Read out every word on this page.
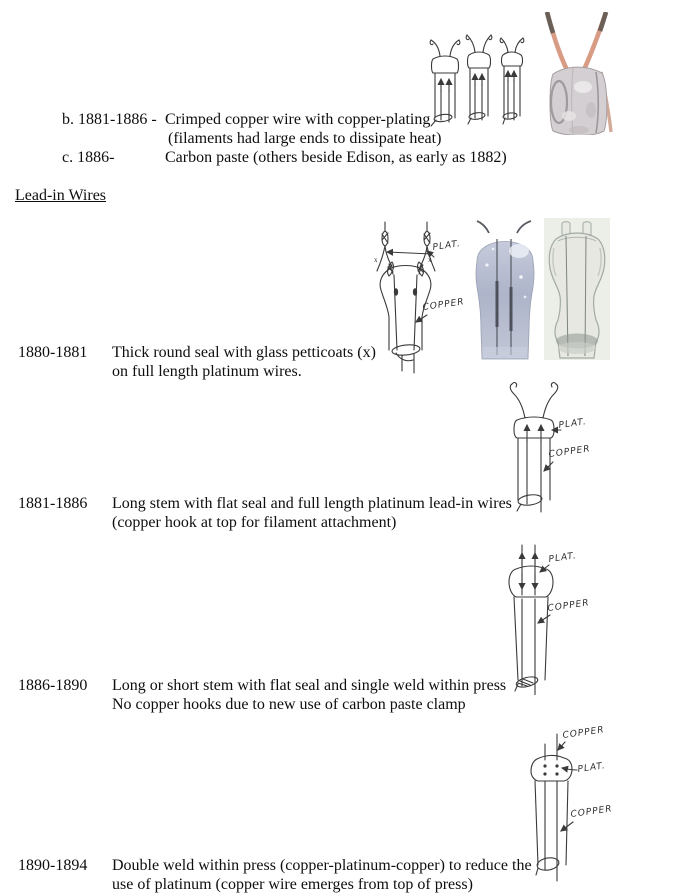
b. 1881-1886 - Crimped copper wire with copper-plating
(filaments had large ends to dissipate heat)
c. 1886-	Carbon paste (others beside Edison, as early as 1882)
Lead-in Wires
PLAT.
x	x
COPPER
1880-1881 Thick round seal with glass petticoats (x)
on full length platinum wires.
PLAT.
COPPER
1881-1886 Long stem with flat seal and full length platinum lead-in wires
(copper hook at top for filament attachment)
PLAT.
COPPER
1886-1890 Long or short stem with flat seal and single weld within press
No copper hooks due to new use of carbon paste clamp
COPPER
PLAT.
COPPER
1890-1894 Double weld within press (copper-platinum-copper) to reduce the
use of platinum (copper wire emerges from top of press)
